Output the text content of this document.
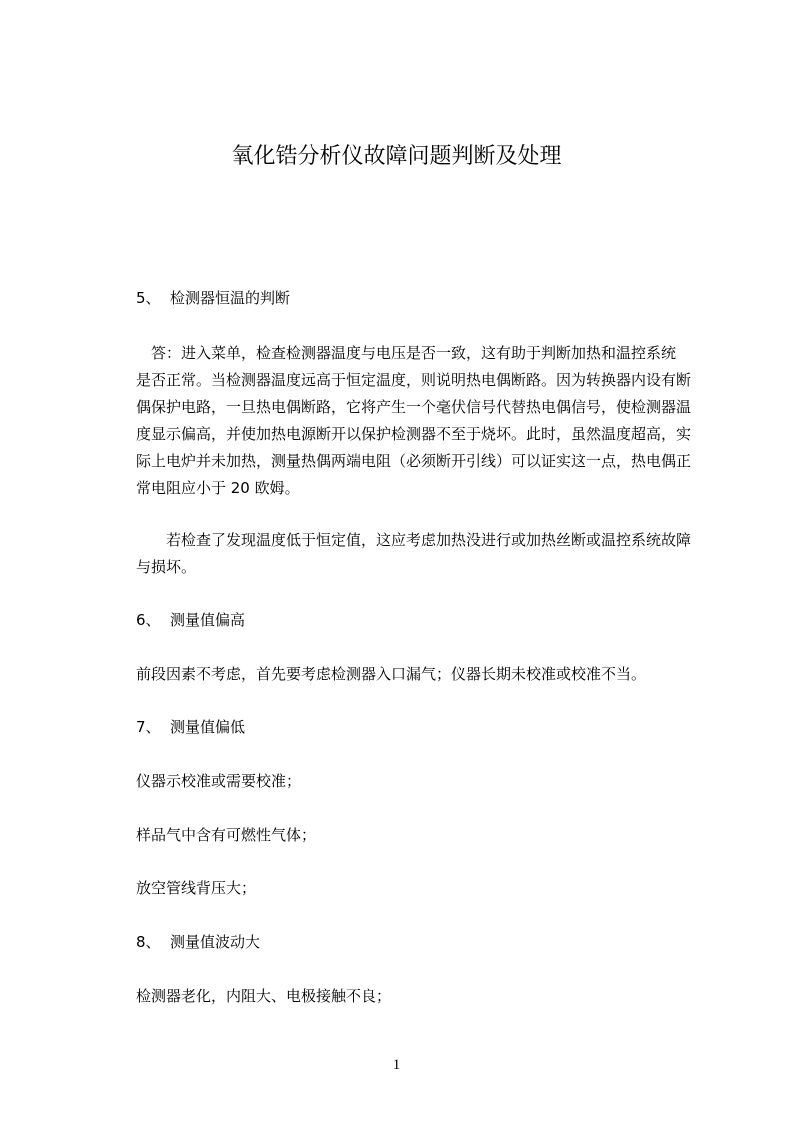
氧化锆分析仪故障问题判断及处理
5、 检测器恒温的判断
　答：进入菜单，检查检测器温度与电压是否一致，这有助于判断加热和温控系统
是否正常。当检测器温度远高于恒定温度，则说明热电偶断路。因为转换器内设有断
偶保护电路，一旦热电偶断路，它将产生一个毫伏信号代替热电偶信号，使检测器温
度显示偏高，并使加热电源断开以保护检测器不至于烧坏。此时，虽然温度超高，实
际上电炉并未加热，测量热偶两端电阻（必须断开引线）可以证实这一点，热电偶正
常电阻应小于 20 欧姆。
　　若检查了发现温度低于恒定值，这应考虑加热没进行或加热丝断或温控系统故障
与损坏。
6、 测量值偏高
前段因素不考虑，首先要考虑检测器入口漏气；仪器长期未校准或校准不当。
7、 测量值偏低
仪器示校准或需要校准；
样品气中含有可燃性气体；
放空管线背压大；
8、 测量值波动大
检测器老化，内阻大、电极接触不良；
1
